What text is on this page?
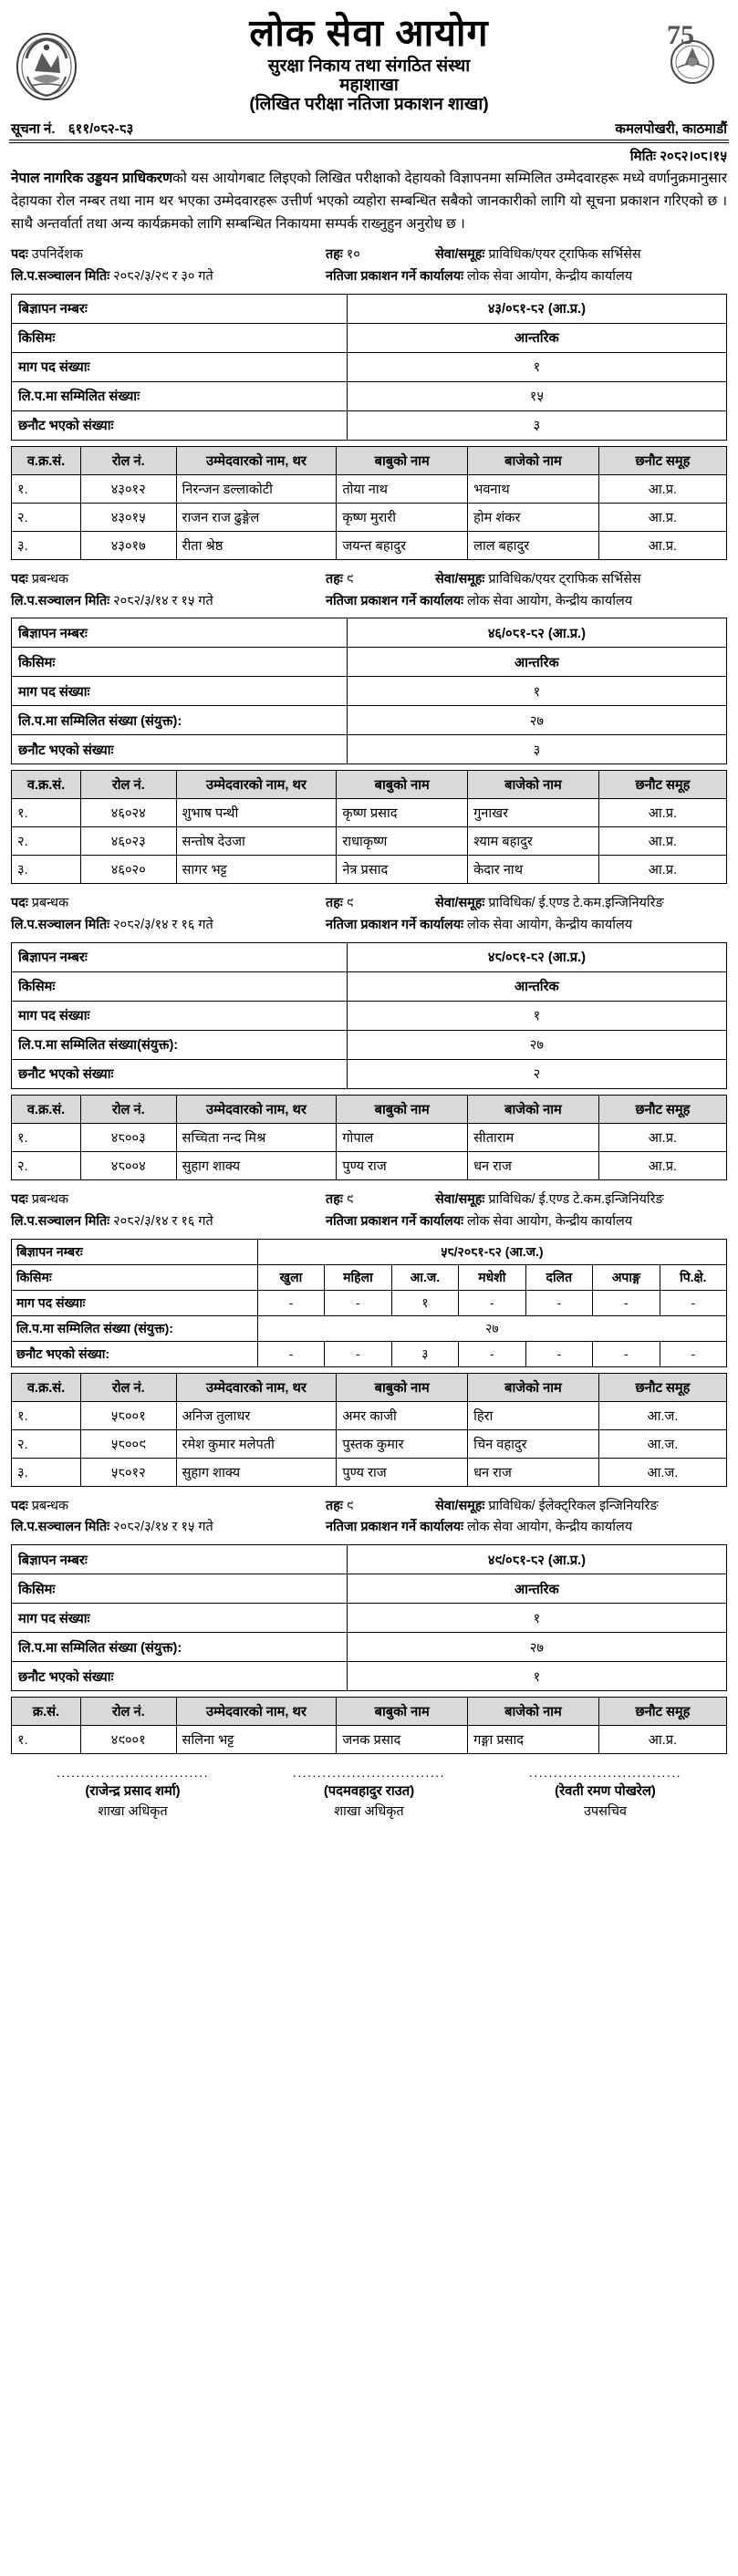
लोक सेवा आयोग
सुरक्षा निकाय तथा संगठित संस्था
महाशाखा
(लिखित परीक्षा नतिजा प्रकाशन शाखा)
75
सूचना नं. ६११/०८२-८३	कमलपोखरी, काठमाडौं
मितिः २०८२।०८।१५
नेपाल नागरिक उड्डयन प्राधिकरणको यस आयोगबाट लिइएको लिखित परीक्षाको देहायको विज्ञापनमा सम्मिलित उम्मेदवारहरू मध्ये वर्णानुक्रमानुसार देहायका रोल नम्बर तथा नाम थर भएका उम्मेदवारहरू उत्तीर्ण भएको व्यहोरा सम्बन्धित सबैको जानकारीको लागि यो सूचना प्रकाशन गरिएको छ । साथै अन्तर्वार्ता तथा अन्य कार्यक्रमको लागि सम्बन्धित निकायमा सम्पर्क राख्नुहुन अनुरोध छ ।
पदः उपनिर्देशक	तहः १०	सेवा/समूहः प्राविधिक/एयर ट्राफिक सर्भिसेस
लि.प.सञ्चालन मितिः २०८२/३/२९ र ३० गते	नतिजा प्रकाशन गर्ने कार्यालयः लोक सेवा आयोग, केन्द्रीय कार्यालय
बिज्ञापन नम्बरः	४३/०८१-८२ (आ.प्र.)
किसिमः	आन्तरिक
माग पद संख्याः	१
लि.प.मा सम्मिलित संख्याः	१५
छनौट भएको संख्याः	३
व.क्र.सं.	रोल नं.	उम्मेदवारको नाम, थर	बाबुको नाम	बाजेको नाम	छनौट समूह
१.	४३०१२	निरन्जन डल्लाकोटी	तोया नाथ	भवनाथ	आ.प्र.
२.	४३०१५	राजन राज ढुङ्गेल	कृष्ण मुरारी	होम शंकर	आ.प्र.
३.	४३०१७	रीता श्रेष्ठ	जयन्त बहादुर	लाल बहादुर	आ.प्र.
पदः प्रबन्धक	तहः ९	सेवा/समूहः प्राविधिक/एयर ट्राफिक सर्भिसेस
लि.प.सञ्चालन मितिः २०८२/३/१४ र १५ गते	नतिजा प्रकाशन गर्ने कार्यालयः लोक सेवा आयोग, केन्द्रीय कार्यालय
बिज्ञापन नम्बरः	४६/०८१-८२ (आ.प्र.)
किसिमः	आन्तरिक
माग पद संख्याः	१
लि.प.मा सम्मिलित संख्या (संयुक्त):	२७
छनौट भएको संख्याः	३
व.क्र.सं.	रोल नं.	उम्मेदवारको नाम, थर	बाबुको नाम	बाजेको नाम	छनौट समूह
१.	४६०२४	शुभाष पन्थी	कृष्ण प्रसाद	गुनाखर	आ.प्र.
२.	४६०२३	सन्तोष देउजा	राधाकृष्ण	श्याम बहादुर	आ.प्र.
३.	४६०२०	सागर भट्ट	नेत्र प्रसाद	केदार नाथ	आ.प्र.
पदः प्रबन्धक	तहः ९	सेवा/समूहः प्राविधिक/ ई.एण्ड टे.कम.इन्जिनियरिङ
लि.प.सञ्चालन मितिः २०८२/३/१४ र १६ गते	नतिजा प्रकाशन गर्ने कार्यालयः लोक सेवा आयोग, केन्द्रीय कार्यालय
बिज्ञापन नम्बरः	४८/०८१-८२ (आ.प्र.)
किसिमः	आन्तरिक
माग पद संख्याः	१
लि.प.मा सम्मिलित संख्या(संयुक्त):	२७
छनौट भएको संख्याः	२
व.क्र.सं.	रोल नं.	उम्मेदवारको नाम, थर	बाबुको नाम	बाजेको नाम	छनौट समूह
१.	४८००३	सच्चिता नन्द मिश्र	गोपाल	सीताराम	आ.प्र.
२.	४८००४	सुहाग शाक्य	पुण्य राज	धन राज	आ.प्र.
पदः प्रबन्धक	तहः ९	सेवा/समूहः प्राविधिक/ ई.एण्ड टे.कम.इन्जिनियरिङ
लि.प.सञ्चालन मितिः २०८२/३/१४ र १६ गते	नतिजा प्रकाशन गर्ने कार्यालयः लोक सेवा आयोग, केन्द्रीय कार्यालय
बिज्ञापन नम्बरः	५८/२०८१-८२ (आ.ज.)						
किसिमः	खुला	महिला	आ.ज.	मधेशी	दलित	अपाङ्ग	पि.क्षे.
माग पद संख्याः	-	-	१	-	-	-	-
लि.प.मा सम्मिलित संख्या (संयुक्त):	२७						
छनौट भएको संख्या:	-	-	३	-	-	-	-
व.क्र.सं.	रोल नं.	उम्मेदवारको नाम, थर	बाबुको नाम	बाजेको नाम	छनौट समूह
१.	५८००१	अनिज तुलाधर	अमर काजी	हिरा	आ.ज.
२.	५८००९	रमेश कुमार मलेपती	पुस्तक कुमार	चिन वहादुर	आ.ज.
३.	५८०१२	सुहाग शाक्य	पुण्य राज	धन राज	आ.ज.
पदः प्रबन्धक	तहः ९	सेवा/समूहः प्राविधिक/ ईलेक्ट्रिकल इन्जिनियरिङ
लि.प.सञ्चालन मितिः २०८२/३/१४ र १५ गते	नतिजा प्रकाशन गर्ने कार्यालयः लोक सेवा आयोग, केन्द्रीय कार्यालय
बिज्ञापन नम्बरः	४९/०८१-८२ (आ.प्र.)
किसिमः	आन्तरिक
माग पद संख्याः	१
लि.प.मा सम्मिलित संख्या (संयुक्त):	२७
छनौट भएको संख्याः	१
क्र.सं.	रोल नं.	उम्मेदवारको नाम, थर	बाबुको नाम	बाजेको नाम	छनौट समूह
१.	४९००१	सलिना भट्ट	जनक प्रसाद	गङ्गा प्रसाद	आ.प्र.
...............................
(राजेन्द्र प्रसाद शर्मा)
शाखा अधिकृत
...............................
(पदमवहादुर राउत)
शाखा अधिकृत
...............................
(रेवती रमण पोखरेल)
उपसचिव
